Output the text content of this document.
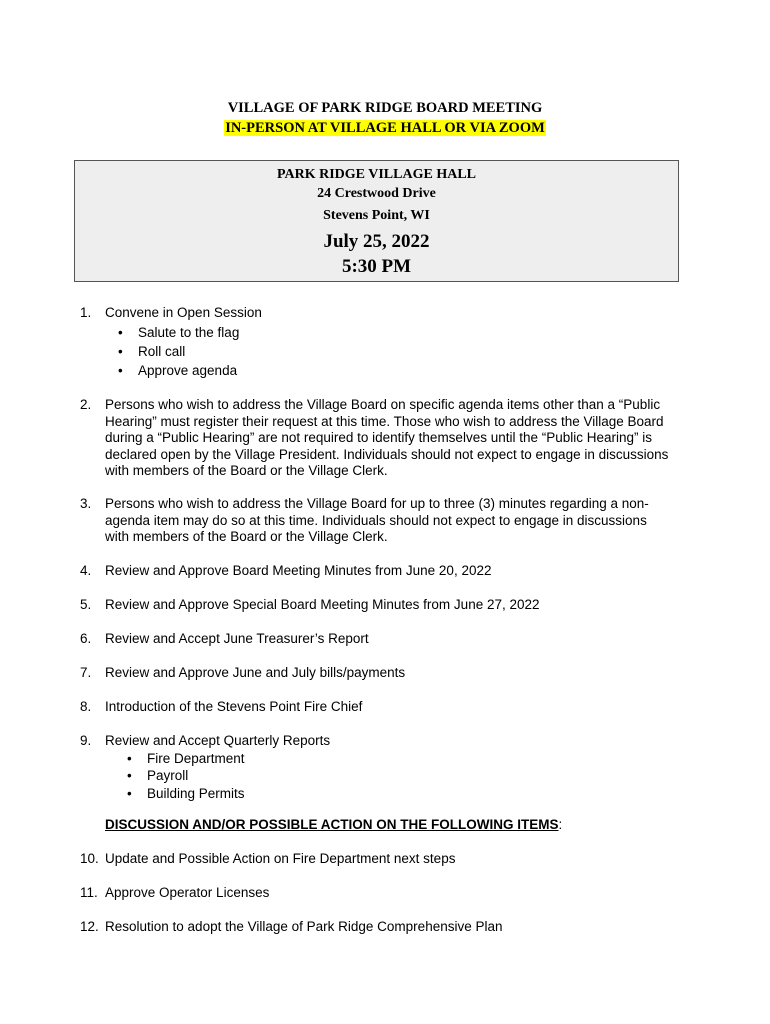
VILLAGE OF PARK RIDGE BOARD MEETING
IN-PERSON AT VILLAGE HALL OR VIA ZOOM
PARK RIDGE VILLAGE HALL
24 Crestwood Drive
Stevens Point, WI
July 25, 2022
5:30 PM
1.	Convene in Open Session
• Salute to the flag
• Roll call
• Approve agenda
2.	Persons who wish to address the Village Board on specific agenda items other than a “Public
Hearing” must register their request at this time. Those who wish to address the Village Board
during a “Public Hearing” are not required to identify themselves until the “Public Hearing” is
declared open by the Village President. Individuals should not expect to engage in discussions
with members of the Board or the Village Clerk.
3.	Persons who wish to address the Village Board for up to three (3) minutes regarding a non-
agenda item may do so at this time. Individuals should not expect to engage in discussions
with members of the Board or the Village Clerk.
4.	Review and Approve Board Meeting Minutes from June 20, 2022
5.	Review and Approve Special Board Meeting Minutes from June 27, 2022
6.	Review and Accept June Treasurer’s Report
7.	Review and Approve June and July bills/payments
8.	Introduction of the Stevens Point Fire Chief
9.	Review and Accept Quarterly Reports
• Fire Department
• Payroll
• Building Permits
DISCUSSION AND/OR POSSIBLE ACTION ON THE FOLLOWING ITEMS:
10. Update and Possible Action on Fire Department next steps
11. Approve Operator Licenses
12. Resolution to adopt the Village of Park Ridge Comprehensive Plan
